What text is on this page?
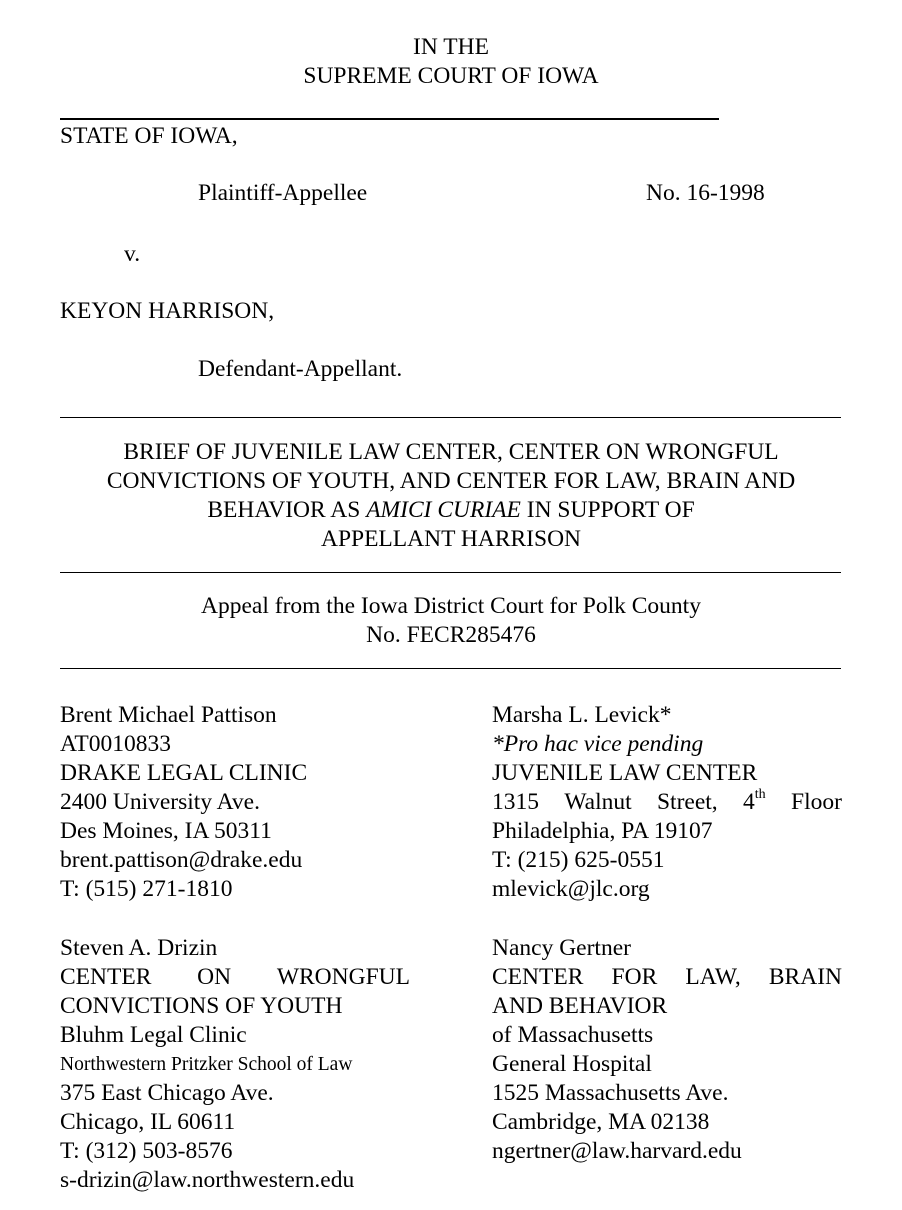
IN THE
SUPREME COURT OF IOWA
STATE OF IOWA,
Plaintiff-Appellee	No. 16-1998
v.
KEYON HARRISON,
Defendant-Appellant.
BRIEF OF JUVENILE LAW CENTER, CENTER ON WRONGFUL
CONVICTIONS OF YOUTH, AND CENTER FOR LAW, BRAIN AND
BEHAVIOR AS AMICI CURIAE IN SUPPORT OF
APPELLANT HARRISON
Appeal from the Iowa District Court for Polk County
No. FECR285476
Brent Michael Pattison
AT0010833
DRAKE LEGAL CLINIC
2400 University Ave.
Des Moines, IA 50311
brent.pattison@drake.edu
T: (515) 271-1810
Marsha L. Levick*
*Pro hac vice pending
JUVENILE LAW CENTER
1315 Walnut Street, 4th Floor
Philadelphia, PA 19107
T: (215) 625-0551
mlevick@jlc.org
Steven A. Drizin
CENTER ON WRONGFUL
CONVICTIONS OF YOUTH
Bluhm Legal Clinic
Northwestern Pritzker School of Law
375 East Chicago Ave.
Chicago, IL 60611
T: (312) 503-8576
s-drizin@law.northwestern.edu
Nancy Gertner
CENTER FOR LAW, BRAIN
AND BEHAVIOR
of Massachusetts
General Hospital
1525 Massachusetts Ave.
Cambridge, MA 02138
ngertner@law.harvard.edu
